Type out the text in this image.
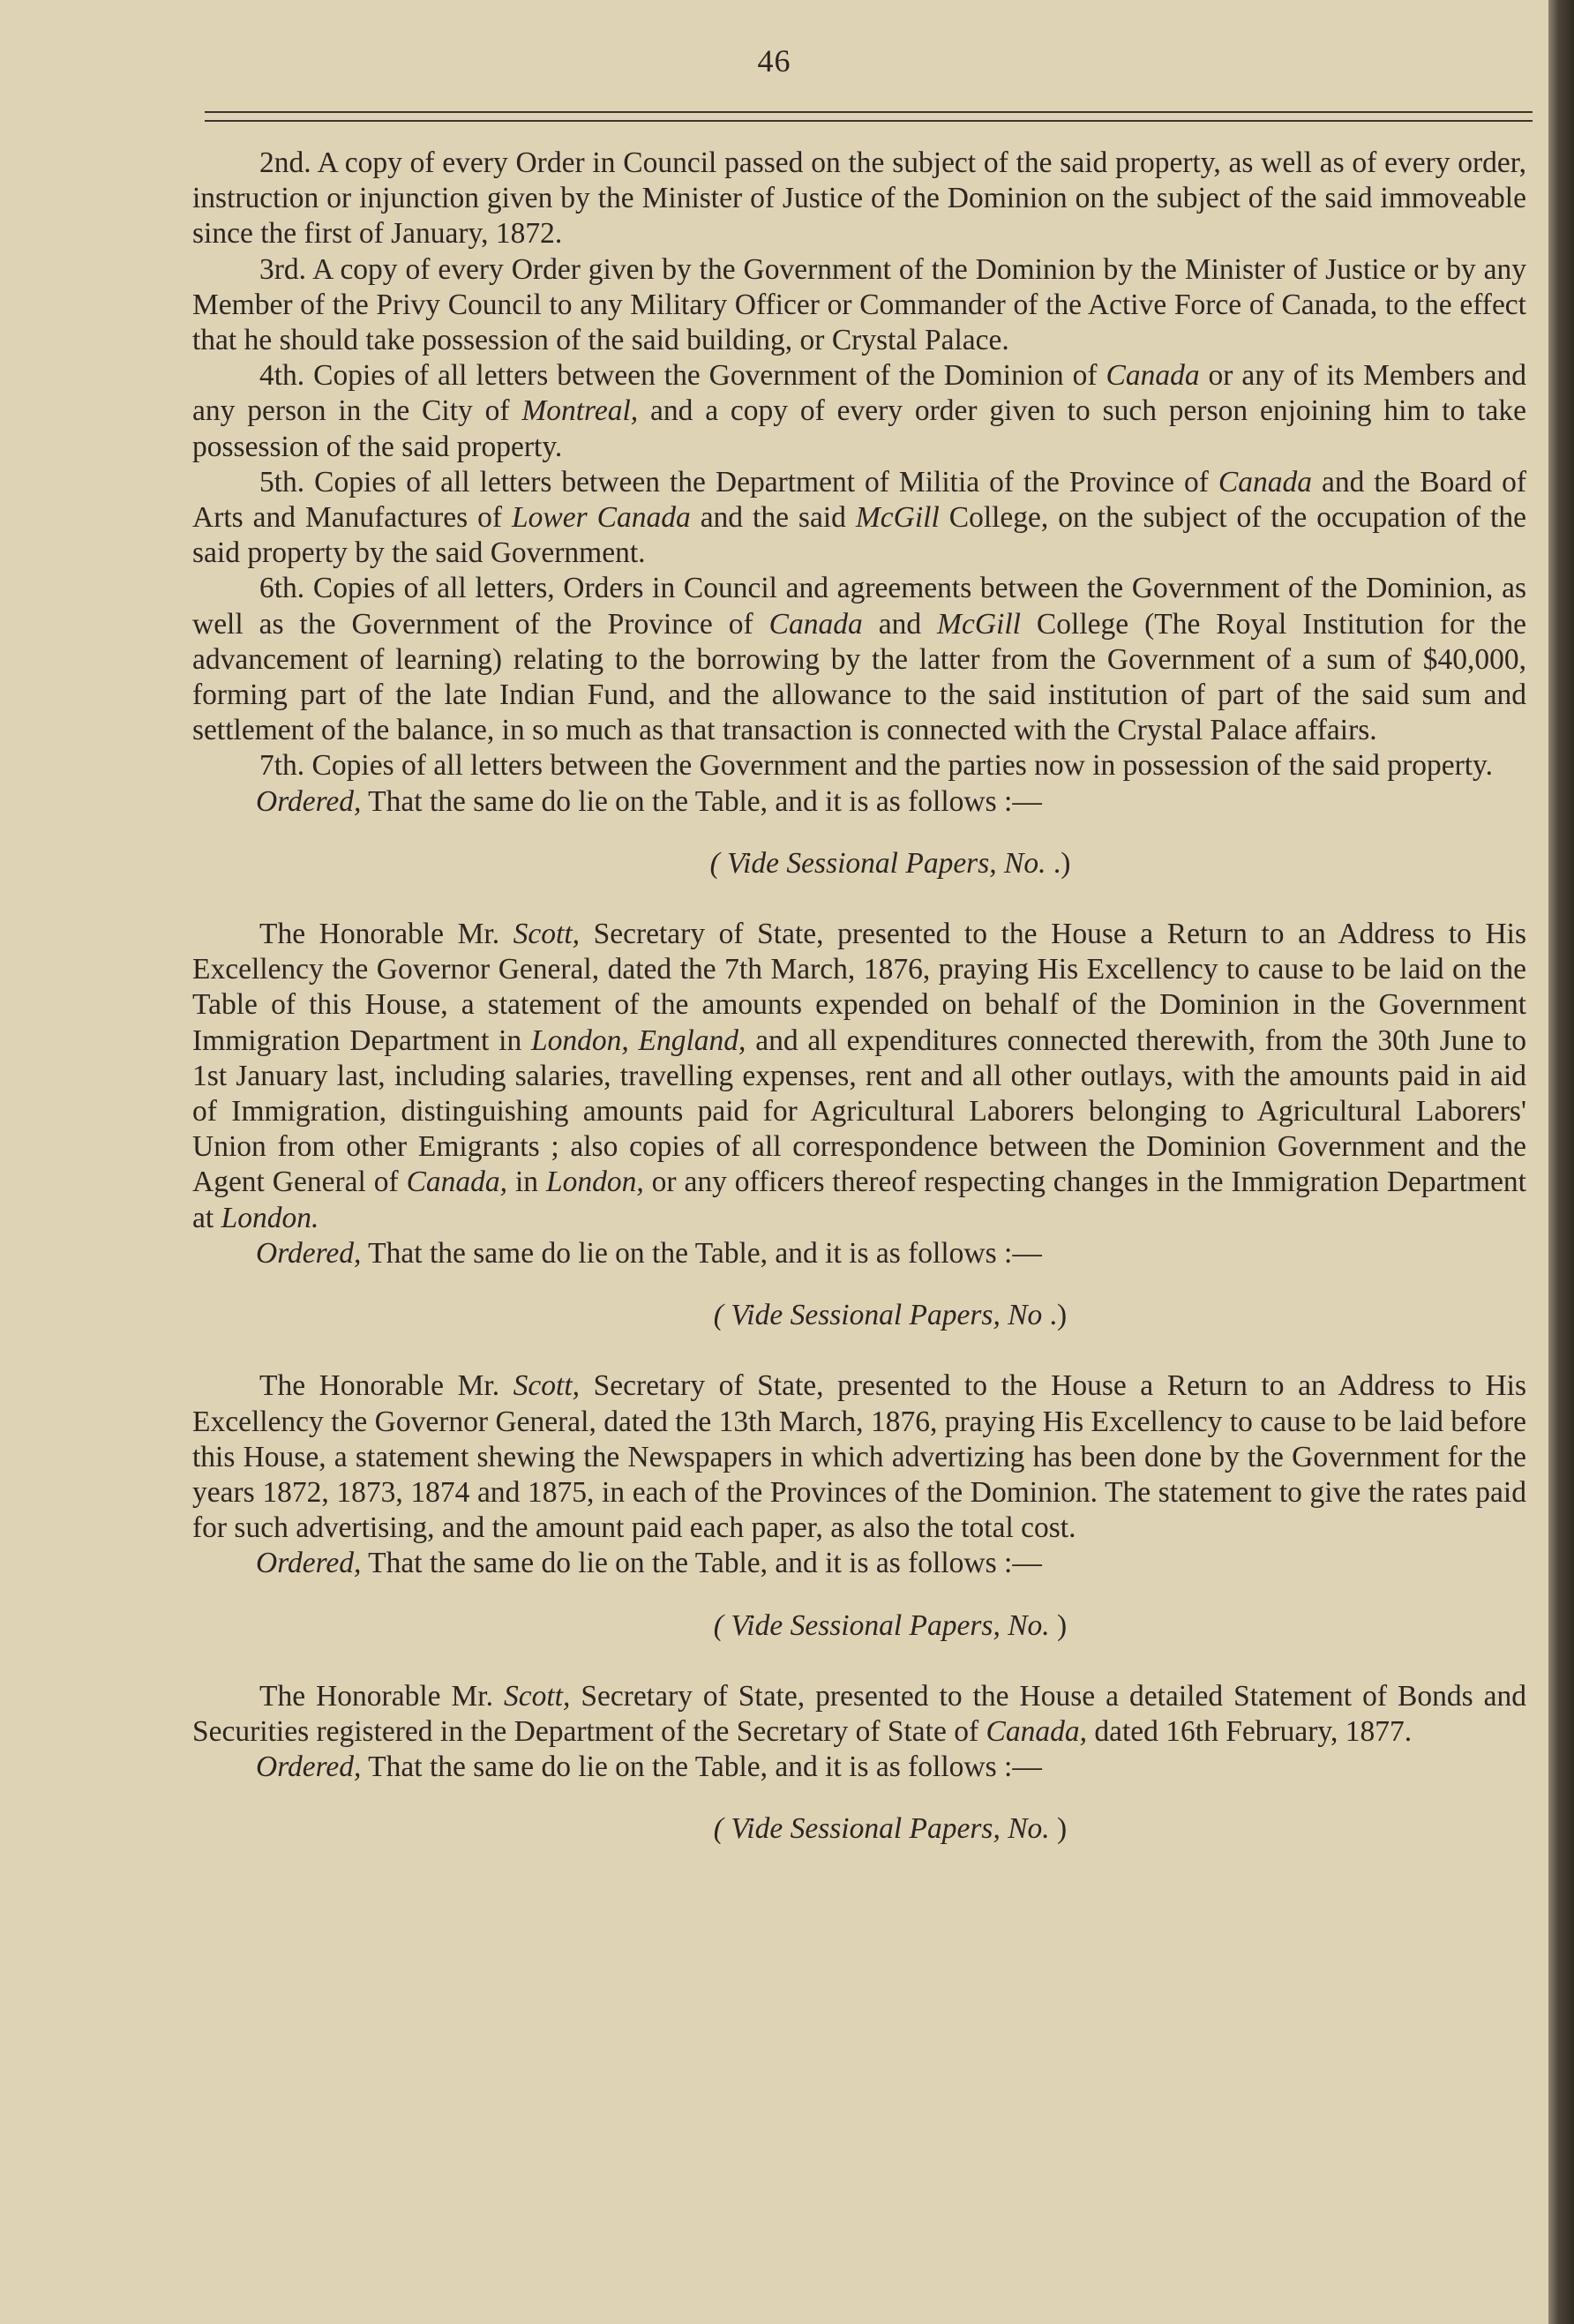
46

2nd. A copy of every Order in Council passed on the subject of the said property, as well as of every order, instruction or injunction given by the Minister of Justice of the Dominion on the subject of the said immoveable since the first of January, 1872.

3rd. A copy of every Order given by the Government of the Dominion by the Minister of Justice or by any Member of the Privy Council to any Military Officer or Commander of the Active Force of Canada, to the effect that he should take possession of the said building, or Crystal Palace.

4th. Copies of all letters between the Government of the Dominion of Canada or any of its Members and any person in the City of Montreal, and a copy of every order given to such person enjoining him to take possession of the said property.

5th. Copies of all letters between the Department of Militia of the Province of Canada and the Board of Arts and Manufactures of Lower Canada and the said McGill College, on the subject of the occupation of the said property by the said Government.

6th. Copies of all letters, Orders in Council and agreements between the Government of the Dominion, as well as the Government of the Province of Canada and McGill College (The Royal Institution for the advancement of learning) relating to the borrowing by the latter from the Government of a sum of $40,000, forming part of the late Indian Fund, and the allowance to the said institution of part of the said sum and settlement of the balance, in so much as that transaction is connected with the Crystal Palace affairs.

7th. Copies of all letters between the Government and the parties now in possession of the said property.

Ordered, That the same do lie on the Table, and it is as follows :—

( Vide Sessional Papers, No. .)

The Honorable Mr. Scott, Secretary of State, presented to the House a Return to an Address to His Excellency the Governor General, dated the 7th March, 1876, praying His Excellency to cause to be laid on the Table of this House, a statement of the amounts expended on behalf of the Dominion in the Government Immigration Department in London, England, and all expenditures connected therewith, from the 30th June to 1st January last, including salaries, travelling expenses, rent and all other outlays, with the amounts paid in aid of Immigration, distinguishing amounts paid for Agricultural Laborers belonging to Agricultural Laborers' Union from other Emigrants ; also copies of all correspondence between the Dominion Government and the Agent General of Canada, in London, or any officers thereof respecting changes in the Immigration Department at London.

Ordered, That the same do lie on the Table, and it is as follows :—

( Vide Sessional Papers, No .)

The Honorable Mr. Scott, Secretary of State, presented to the House a Return to an Address to His Excellency the Governor General, dated the 13th March, 1876, praying His Excellency to cause to be laid before this House, a statement shewing the Newspapers in which advertizing has been done by the Government for the years 1872, 1873, 1874 and 1875, in each of the Provinces of the Dominion. The statement to give the rates paid for such advertising, and the amount paid each paper, as also the total cost.

Ordered, That the same do lie on the Table, and it is as follows :—

( Vide Sessional Papers, No. )

The Honorable Mr. Scott, Secretary of State, presented to the House a detailed Statement of Bonds and Securities registered in the Department of the Secretary of State of Canada, dated 16th February, 1877.

Ordered, That the same do lie on the Table, and it is as follows :—

( Vide Sessional Papers, No. )
